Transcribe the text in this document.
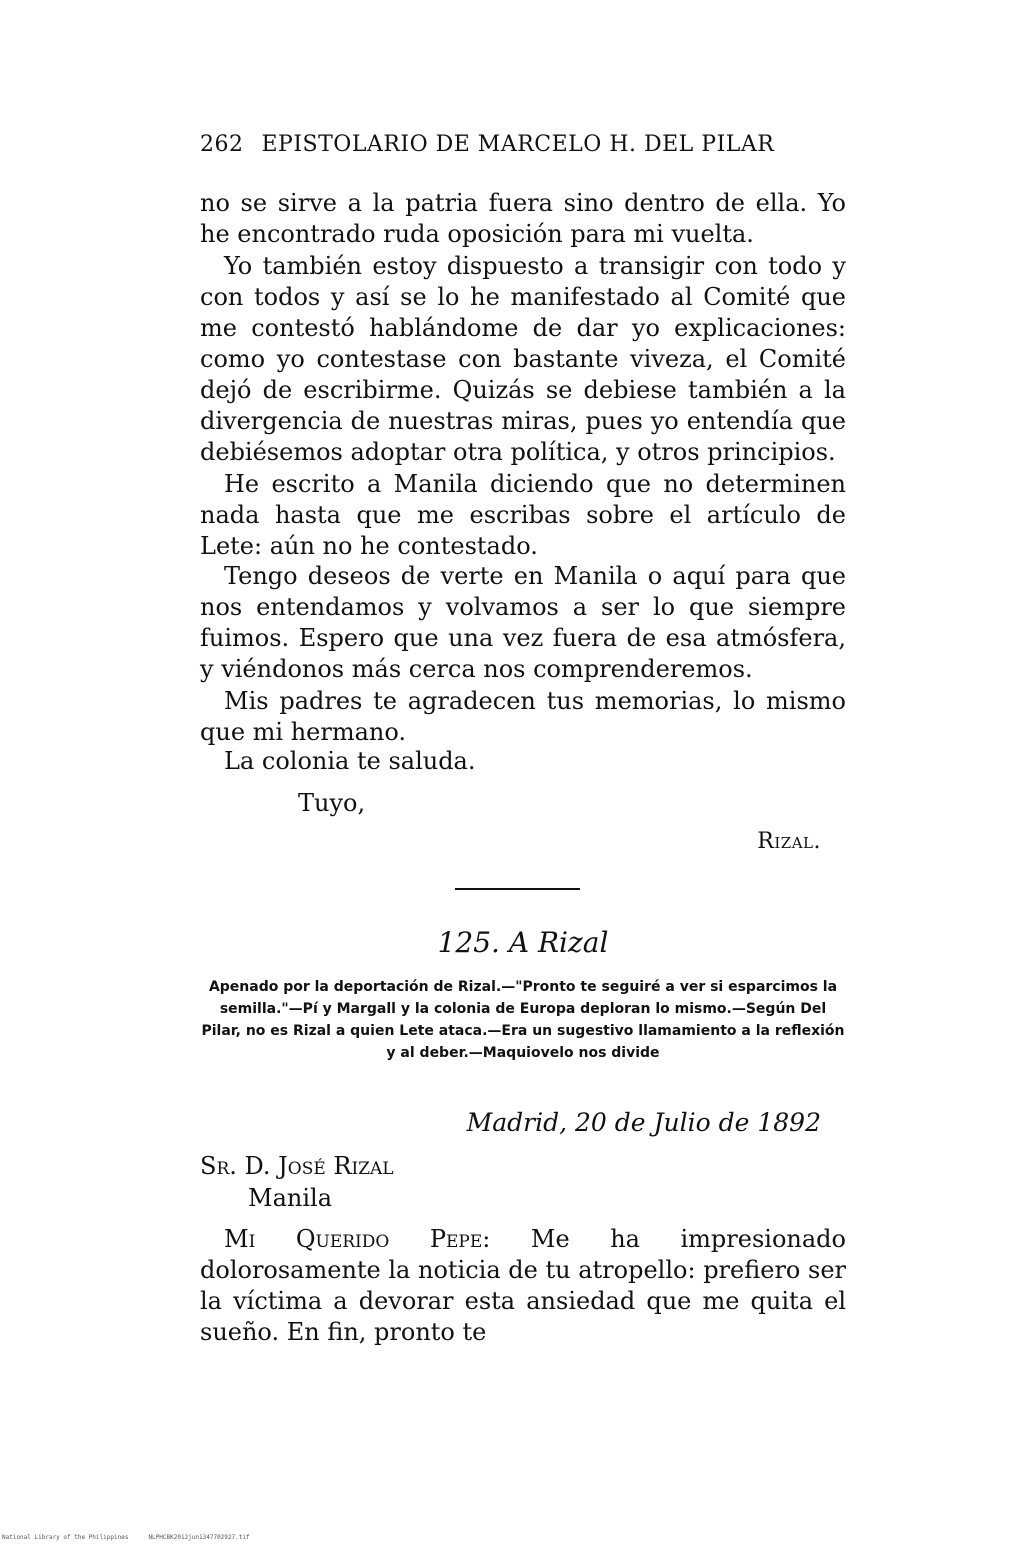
262 EPISTOLARIO DE MARCELO H. DEL PILAR
no se sirve a la patria fuera sino dentro de ella. Yo he encontrado ruda oposición para mi vuelta.
Yo también estoy dispuesto a transigir con todo y con todos y así se lo he manifestado al Comité que me contestó hablándome de dar yo explicaciones: como yo contestase con bastante viveza, el Comité dejó de escribirme. Quizás se debiese también a la divergencia de nuestras miras, pues yo entendía que debiésemos adoptar otra política, y otros principios.
He escrito a Manila diciendo que no determinen nada hasta que me escribas sobre el artículo de Lete: aún no he contestado.
Tengo deseos de verte en Manila o aquí para que nos entendamos y volvamos a ser lo que siempre fuimos. Espero que una vez fuera de esa atmósfera, y viéndonos más cerca nos comprenderemos.
Mis padres te agradecen tus memorias, lo mismo que mi hermano.
La colonia te saluda.
Tuyo,
Rizal.
125. A Rizal
Apenado por la deportación de Rizal.—"Pronto te seguiré a ver si esparcimos la semilla."—Pí y Margall y la colonia de Europa deploran lo mismo.—Según Del Pilar, no es Rizal a quien Lete ataca.—Era un sugestivo llamamiento a la reflexión y al deber.—Maquiovelo nos divide
Madrid, 20 de Julio de 1892
Sr. D. José Rizal
Manila
Mi Querido Pepe: Me ha impresionado dolorosamente la noticia de tu atropello: prefiero ser la víctima a devorar esta ansiedad que me quita el sueño. En fin, pronto te
National Library of the Philippines	NLPHCBK2012jun1347702927.tif
